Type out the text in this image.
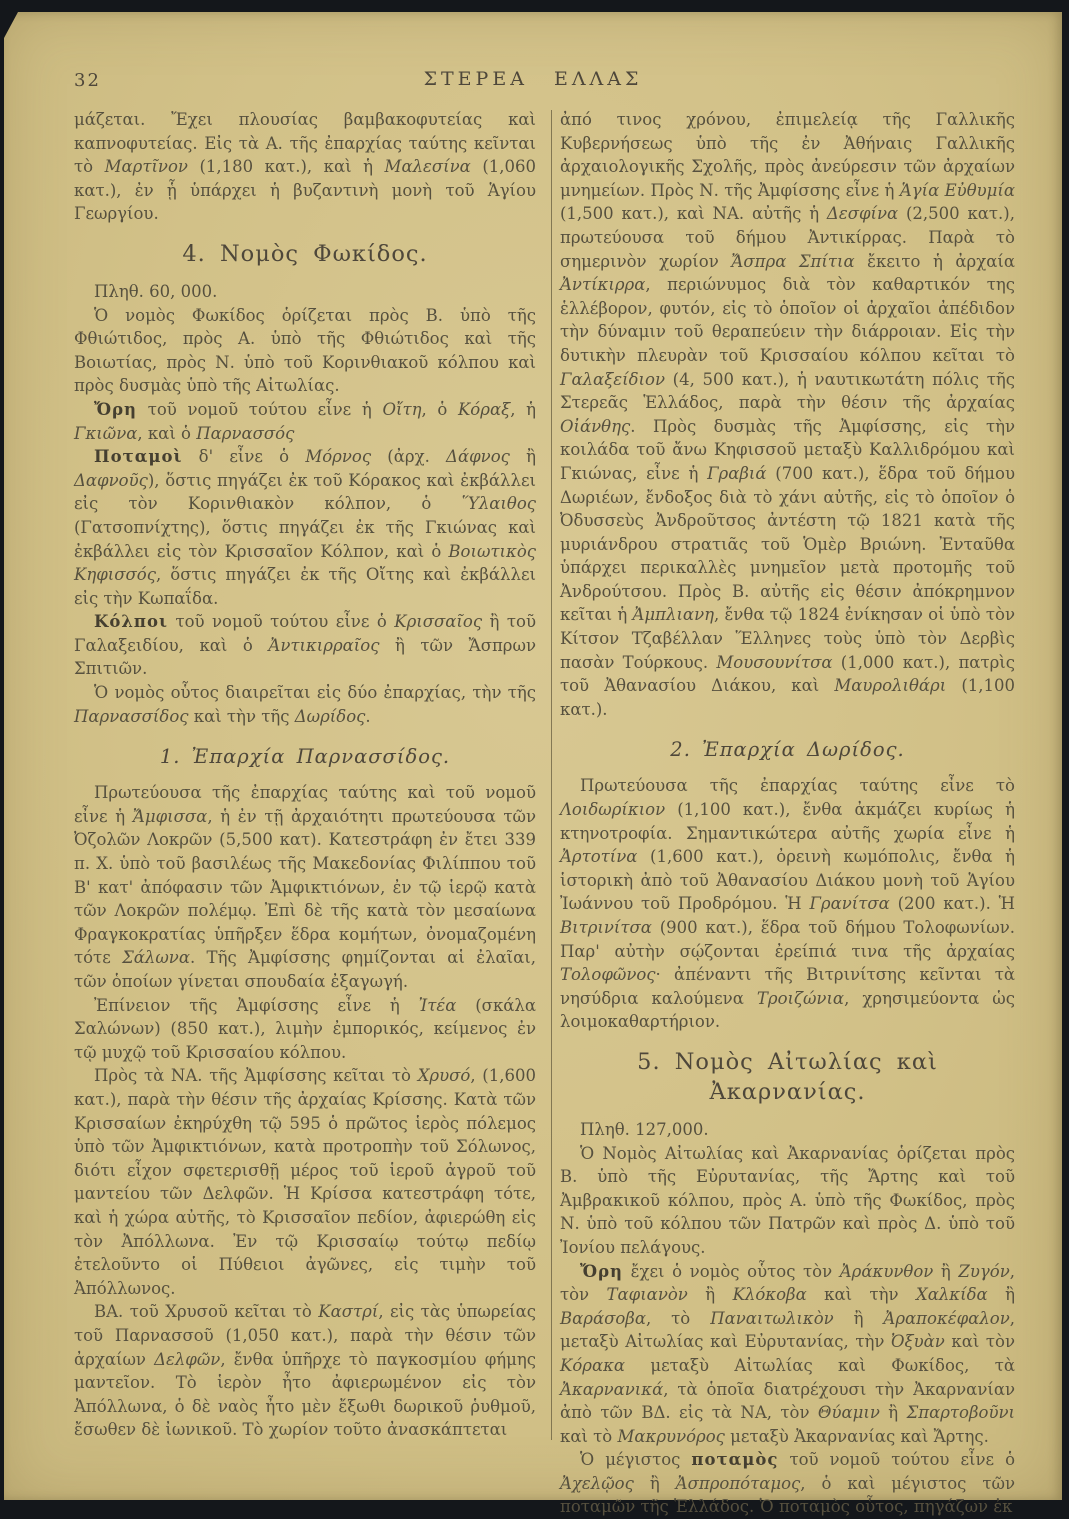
32	ΣΤΕΡΕΑ ΕΛΛΑΣ

μάζεται. Ἔχει πλουσίας βαμβακοφυτείας καὶ καπνοφυτείας. Εἰς τὰ Α. τῆς ἐπαρχίας ταύτης κεῖνται τὸ Μαρτῖνον (1,180 κατ.), καὶ ἡ Μαλεσίνα (1,060 κατ.), ἐν ᾗ ὑπάρχει ἡ βυζαντινὴ μονὴ τοῦ Ἁγίου Γεωργίου.

4. Νομὸς Φωκίδος.

Πληθ. 60, 000.

Ὁ νομὸς Φωκίδος ὁρίζεται πρὸς Β. ὑπὸ τῆς Φθιώτιδος, πρὸς Α. ὑπὸ τῆς Φθιώτιδος καὶ τῆς Βοιωτίας, πρὸς Ν. ὑπὸ τοῦ Κορινθιακοῦ κόλπου καὶ πρὸς δυσμὰς ὑπὸ τῆς Αἰτωλίας.

Ὄρη τοῦ νομοῦ τούτου εἶνε ἡ Οἴτη, ὁ Κόραξ, ἡ Γκιῶνα, καὶ ὁ Παρνασσός

Ποταμοὶ δ' εἶνε ὁ Μόρνος (ἀρχ. Δάφνος ἢ Δαφνοῦς), ὅστις πηγάζει ἐκ τοῦ Κόρακος καὶ ἐκβάλλει εἰς τὸν Κορινθιακὸν κόλπον, ὁ Ὕλαιθος (Γατσοπνίχτης), ὅστις πηγάζει ἐκ τῆς Γκιώνας καὶ ἐκβάλλει εἰς τὸν Κρισσαῖον Κόλπον, καὶ ὁ Βοιωτικὸς Κηφισσός, ὅστις πηγάζει ἐκ τῆς Οἴτης καὶ ἐκβάλλει εἰς τὴν Κωπαΐδα.

Κόλποι τοῦ νομοῦ τούτου εἶνε ὁ Κρισσαῖος ἢ τοῦ Γαλαξειδίου, καὶ ὁ Ἀντικιρραῖος ἢ τῶν Ἄσπρων Σπιτιῶν.

Ὁ νομὸς οὗτος διαιρεῖται εἰς δύο ἐπαρχίας, τὴν τῆς Παρνασσίδος καὶ τὴν τῆς Δωρίδος.

1. Ἐπαρχία Παρνασσίδος.

Πρωτεύουσα τῆς ἐπαρχίας ταύτης καὶ τοῦ νομοῦ εἶνε ἡ Ἄμφισσα, ἡ ἐν τῇ ἀρχαιότητι πρωτεύουσα τῶν Ὀζολῶν Λοκρῶν (5,500 κατ). Κατεστράφη ἐν ἔτει 339 π. Χ. ὑπὸ τοῦ βασιλέως τῆς Μακεδονίας Φιλίππου τοῦ Β' κατ' ἀπόφασιν τῶν Ἀμφικτιόνων, ἐν τῷ ἱερῷ κατὰ τῶν Λοκρῶν πολέμῳ. Ἐπὶ δὲ τῆς κατὰ τὸν μεσαίωνα Φραγκοκρατίας ὑπῆρξεν ἕδρα κομήτων, ὀνομαζομένη τότε Σάλωνα. Τῆς Ἀμφίσσης φημίζονται αἱ ἐλαῖαι, τῶν ὁποίων γίνεται σπουδαία ἐξαγωγή.

Ἐπίνειον τῆς Ἀμφίσσης εἶνε ἡ Ἰτέα (σκάλα Σαλώνων) (850 κατ.), λιμὴν ἐμπορικός, κείμενος ἐν τῷ μυχῷ τοῦ Κρισσαίου κόλπου.

Πρὸς τὰ ΝΑ. τῆς Ἀμφίσσης κεῖται τὸ Χρυσό, (1,600 κατ.), παρὰ τὴν θέσιν τῆς ἀρχαίας Κρίσσης. Κατὰ τῶν Κρισσαίων ἐκηρύχθη τῷ 595 ὁ πρῶτος ἱερὸς πόλεμος ὑπὸ τῶν Ἀμφικτιόνων, κατὰ προτροπὴν τοῦ Σόλωνος, διότι εἶχον σφετερισθῇ μέρος τοῦ ἱεροῦ ἀγροῦ τοῦ μαντείου τῶν Δελφῶν. Ἡ Κρίσσα κατεστράφη τότε, καὶ ἡ χώρα αὐτῆς, τὸ Κρισσαῖον πεδίον, ἀφιερώθη εἰς τὸν Ἀπόλλωνα. Ἐν τῷ Κρισσαίῳ τούτῳ πεδίῳ ἐτελοῦντο οἱ Πύθειοι ἀγῶνες, εἰς τιμὴν τοῦ Ἀπόλλωνος.

ΒΑ. τοῦ Χρυσοῦ κεῖται τὸ Καστρί, εἰς τὰς ὑπωρείας τοῦ Παρνασσοῦ (1,050 κατ.), παρὰ τὴν θέσιν τῶν ἀρχαίων Δελφῶν, ἔνθα ὑπῆρχε τὸ παγκοσμίου φήμης μαντεῖον. Τὸ ἱερὸν ἦτο ἀφιερωμένον εἰς τὸν Ἀπόλλωνα, ὁ δὲ ναὸς ἦτο μὲν ἔξωθι δωρικοῦ ῥυθμοῦ, ἔσωθεν δὲ ἰωνικοῦ. Τὸ χωρίον τοῦτο ἀνασκάπτεται

ἀπό τινος χρόνου, ἐπιμελείᾳ τῆς Γαλλικῆς Κυβερνήσεως ὑπὸ τῆς ἐν Ἀθήναις Γαλλικῆς ἀρχαιολογικῆς Σχολῆς, πρὸς ἀνεύρεσιν τῶν ἀρχαίων μνημείων. Πρὸς Ν. τῆς Ἀμφίσσης εἶνε ἡ Ἁγία Εὐθυμία (1,500 κατ.), καὶ ΝΑ. αὐτῆς ἡ Δεσφίνα (2,500 κατ.), πρωτεύουσα τοῦ δήμου Ἀντικίρρας. Παρὰ τὸ σημερινὸν χωρίον Ἄσπρα Σπίτια ἔκειτο ἡ ἀρχαία Ἀντίκιρρα, περιώνυμος διὰ τὸν καθαρτικόν της ἑλλέβορον, φυτόν, εἰς τὸ ὁποῖον οἱ ἀρχαῖοι ἀπέδιδον τὴν δύναμιν τοῦ θεραπεύειν τὴν διάρροιαν. Εἰς τὴν δυτικὴν πλευρὰν τοῦ Κρισσαίου κόλπου κεῖται τὸ Γαλαξείδιον (4, 500 κατ.), ἡ ναυτικωτάτη πόλις τῆς Στερεᾶς Ἑλλάδος, παρὰ τὴν θέσιν τῆς ἀρχαίας Οἰάνθης. Πρὸς δυσμὰς τῆς Ἀμφίσσης, εἰς τὴν κοιλάδα τοῦ ἄνω Κηφισσοῦ μεταξὺ Καλλιδρόμου καὶ Γκιώνας, εἶνε ἡ Γραβιά (700 κατ.), ἕδρα τοῦ δήμου Δωριέων, ἔνδοξος διὰ τὸ χάνι αὐτῆς, εἰς τὸ ὁποῖον ὁ Ὀδυσσεὺς Ἀνδροῦτσος ἀντέστη τῷ 1821 κατὰ τῆς μυριάνδρου στρατιᾶς τοῦ Ὁμὲρ Βριώνη. Ἐνταῦθα ὑπάρχει περικαλλὲς μνημεῖον μετὰ προτομῆς τοῦ Ἀνδρούτσου. Πρὸς Β. αὐτῆς εἰς θέσιν ἀπόκρημνον κεῖται ἡ Ἀμπλιανη, ἔνθα τῷ 1824 ἐνίκησαν οἱ ὑπὸ τὸν Κίτσον Τζαβέλλαν Ἕλληνες τοὺς ὑπὸ τὸν Δερβὶς πασὰν Τούρκους. Μουσουνίτσα (1,000 κατ.), πατρὶς τοῦ Ἀθανασίου Διάκου, καὶ Μαυρολιθάρι (1,100 κατ.).

2. Ἐπαρχία Δωρίδος.

Πρωτεύουσα τῆς ἐπαρχίας ταύτης εἶνε τὸ Λοιδωρίκιον (1,100 κατ.), ἔνθα ἀκμάζει κυρίως ἡ κτηνοτροφία. Σημαντικώτερα αὐτῆς χωρία εἶνε ἡ Ἀρτοτίνα (1,600 κατ.), ὀρεινὴ κωμόπολις, ἔνθα ἡ ἱστορικὴ ἀπὸ τοῦ Ἀθανασίου Διάκου μονὴ τοῦ Ἁγίου Ἰωάννου τοῦ Προδρόμου. Ἡ Γρανίτσα (200 κατ.). Ἡ Βιτρινίτσα (900 κατ.), ἕδρα τοῦ δήμου Τολοφωνίων. Παρ' αὐτὴν σῴζονται ἐρείπιά τινα τῆς ἀρχαίας Τολοφῶνος· ἀπέναντι τῆς Βιτρινίτσης κεῖνται τὰ νησύδρια καλούμενα Τροιζώνια, χρησιμεύοντα ὡς λοιμοκαθαρτήριον.

5. Νομὸς Αἰτωλίας καὶ Ἀκαρνανίας.

Πληθ. 127,000.

Ὁ Νομὸς Αἰτωλίας καὶ Ἀκαρνανίας ὁρίζεται πρὸς Β. ὑπὸ τῆς Εὐρυτανίας, τῆς Ἄρτης καὶ τοῦ Ἀμβρακικοῦ κόλπου, πρὸς Α. ὑπὸ τῆς Φωκίδος, πρὸς Ν. ὑπὸ τοῦ κόλπου τῶν Πατρῶν καὶ πρὸς Δ. ὑπὸ τοῦ Ἰονίου πελάγους.

Ὄρη ἔχει ὁ νομὸς οὗτος τὸν Ἀράκυνθον ἢ Ζυγόν, τὸν Ταφιανὸν ἢ Κλόκοβα καὶ τὴν Χαλκίδα ἢ Βαράσοβα, τὸ Παναιτωλικὸν ἢ Ἀραποκέφαλον, μεταξὺ Αἰτωλίας καὶ Εὐρυτανίας, τὴν Ὀξυὰν καὶ τὸν Κόρακα μεταξὺ Αἰτωλίας καὶ Φωκίδος, τὰ Ἀκαρνανικά, τὰ ὁποῖα διατρέχουσι τὴν Ἀκαρνανίαν ἀπὸ τῶν ΒΔ. εἰς τὰ ΝΑ, τὸν Θύαμιν ἢ Σπαρτοβοῦνι καὶ τὸ Μακρυνόρος μεταξὺ Ἀκαρνανίας καὶ Ἄρτης.

Ὁ μέγιστος ποταμὸς τοῦ νομοῦ τούτου εἶνε ὁ Ἀχελῷος ἢ Ἀσπροπόταμος, ὁ καὶ μέγιστος τῶν ποταμῶν τῆς Ἑλλάδος. Ὁ ποταμὸς οὗτος, πηγάζων ἐκ
